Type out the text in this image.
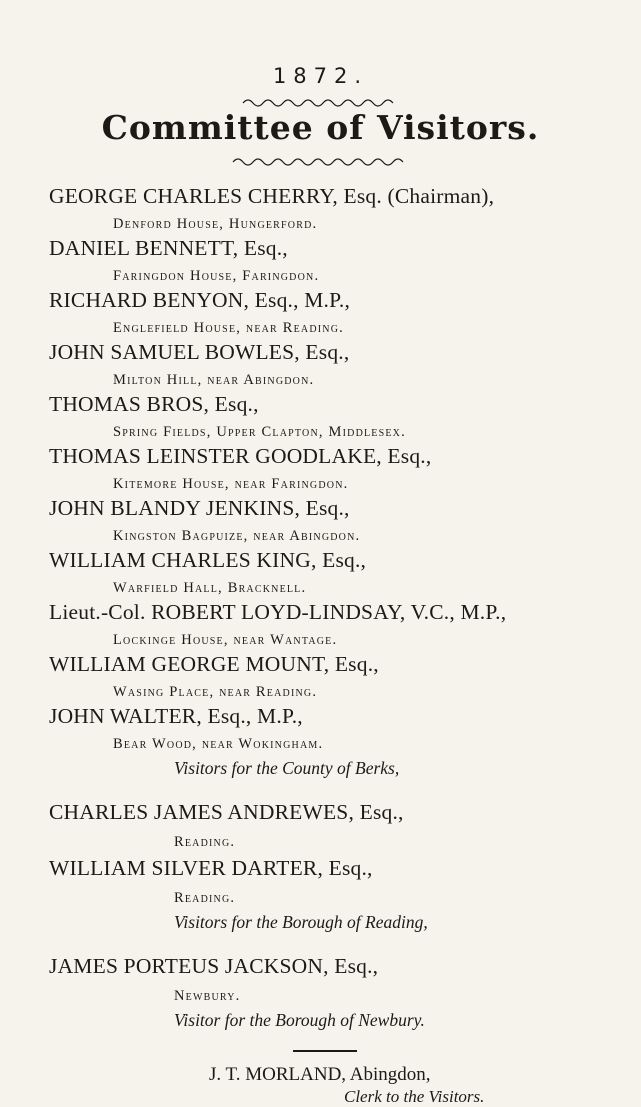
1872.
Committee of Visitors.
GEORGE CHARLES CHERRY, Esq. (Chairman),
Denford House, Hungerford.
DANIEL BENNETT, Esq.,
Faringdon House, Faringdon.
RICHARD BENYON, Esq., M.P.,
Englefield House, near Reading.
JOHN SAMUEL BOWLES, Esq.,
Milton Hill, near Abingdon.
THOMAS BROS, Esq.,
Spring Fields, Upper Clapton, Middlesex.
THOMAS LEINSTER GOODLAKE, Esq.,
Kitemore House, near Faringdon.
JOHN BLANDY JENKINS, Esq.,
Kingston Bagpuize, near Abingdon.
WILLIAM CHARLES KING, Esq.,
Warfield Hall, Bracknell.
Lieut.-Col. ROBERT LOYD-LINDSAY, V.C., M.P.,
Lockinge House, near Wantage.
WILLIAM GEORGE MOUNT, Esq.,
Wasing Place, near Reading.
JOHN WALTER, Esq., M.P.,
Bear Wood, near Wokingham.
Visitors for the County of Berks,
CHARLES JAMES ANDREWES, Esq.,
Reading.
WILLIAM SILVER DARTER, Esq.,
Reading.
Visitors for the Borough of Reading,
JAMES PORTEUS JACKSON, Esq.,
Newbury.
Visitor for the Borough of Newbury.
J. T. MORLAND, Abingdon,
Clerk to the Visitors.
